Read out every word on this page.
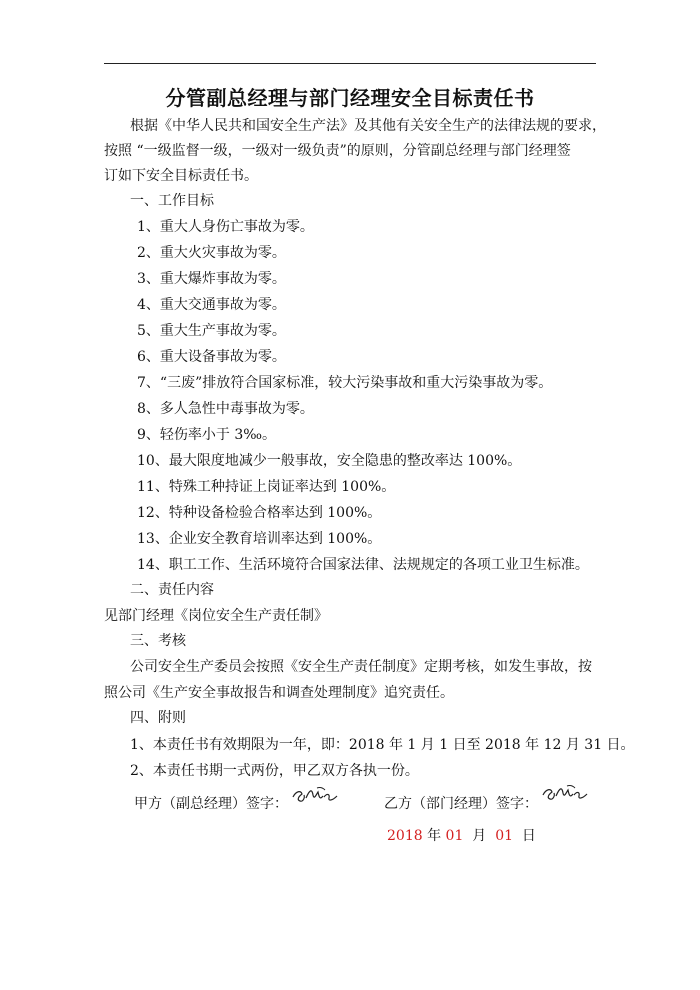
分管副总经理与部门经理安全目标责任书
根据《中华人民共和国安全生产法》及其他有关安全生产的法律法规的要求，
按照 “一级监督一级，一级对一级负责”的原则，分管副总经理与部门经理签
订如下安全目标责任书。
一、工作目标
1、重大人身伤亡事故为零。
2、重大火灾事故为零。
3、重大爆炸事故为零。
4、重大交通事故为零。
5、重大生产事故为零。
6、重大设备事故为零。
7、“三废”排放符合国家标准，较大污染事故和重大污染事故为零。
8、多人急性中毒事故为零。
9、轻伤率小于 3‰。
10、最大限度地减少一般事故，安全隐患的整改率达 100%。
11、特殊工种持证上岗证率达到 100%。
12、特种设备检验合格率达到 100%。
13、企业安全教育培训率达到 100%。
14、职工工作、生活环境符合国家法律、法规规定的各项工业卫生标准。
二、责任内容
见部门经理《岗位安全生产责任制》
三、考核
公司安全生产委员会按照《安全生产责任制度》定期考核，如发生事故，按
照公司《生产安全事故报告和调查处理制度》追究责任。
四、附则
1、本责任书有效期限为一年，即：2018 年 1 月 1 日至 2018 年 12 月 31 日。
2、本责任书期一式两份，甲乙双方各执一份。
甲方（副总经理）签字：	乙方（部门经理）签字：
2018 年 01  月  01  日
